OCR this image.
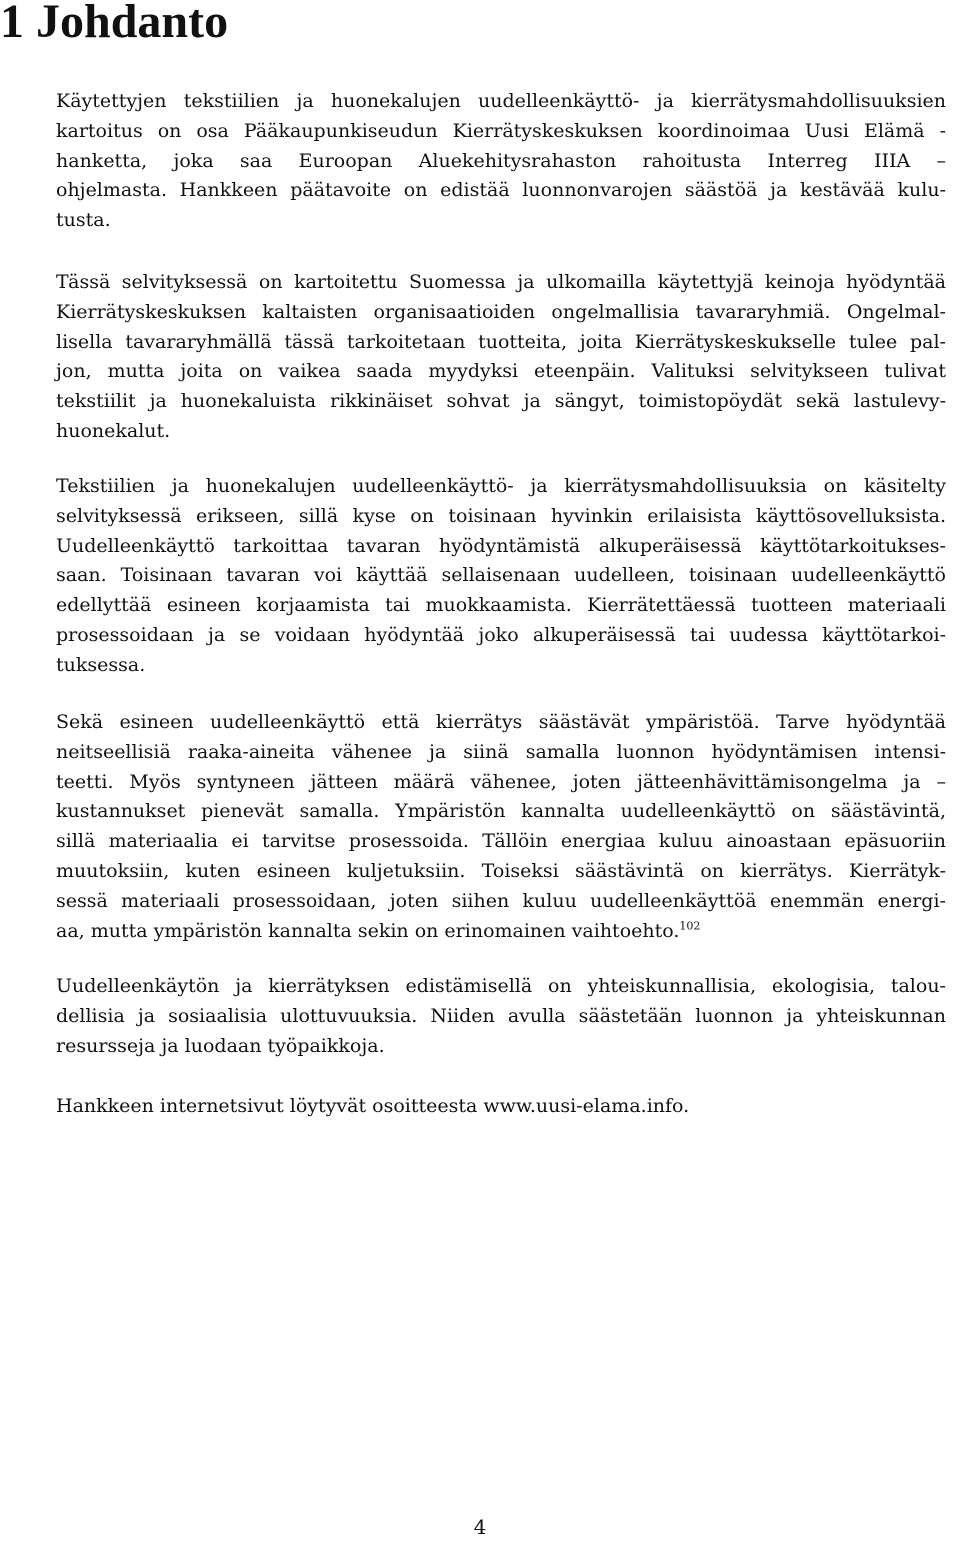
1 Johdanto

Käytettyjen tekstiilien ja huonekalujen uudelleenkäyttö- ja kierrätysmahdollisuuksien
kartoitus on osa Pääkaupunkiseudun Kierrätyskeskuksen koordinoimaa Uusi Elämä -
hanketta, joka saa Euroopan Aluekehitysrahaston rahoitusta Interreg IIIA –
ohjelmasta. Hankkeen päätavoite on edistää luonnonvarojen säästöä ja kestävää kulu-
tusta.

Tässä selvityksessä on kartoitettu Suomessa ja ulkomailla käytettyjä keinoja hyödyntää
Kierrätyskeskuksen kaltaisten organisaatioiden ongelmallisia tavararyhmiä. Ongelmal-
lisella tavararyhmällä tässä tarkoitetaan tuotteita, joita Kierrätyskeskukselle tulee pal-
jon, mutta joita on vaikea saada myydyksi eteenpäin. Valituksi selvitykseen tulivat
tekstiilit ja huonekaluista rikkinäiset sohvat ja sängyt, toimistopöydät sekä lastulevy-
huonekalut.

Tekstiilien ja huonekalujen uudelleenkäyttö- ja kierrätysmahdollisuuksia on käsitelty
selvityksessä erikseen, sillä kyse on toisinaan hyvinkin erilaisista käyttösovelluksista.
Uudelleenkäyttö tarkoittaa tavaran hyödyntämistä alkuperäisessä käyttötarkoitukses-
saan. Toisinaan tavaran voi käyttää sellaisenaan uudelleen, toisinaan uudelleenkäyttö
edellyttää esineen korjaamista tai muokkaamista. Kierrätettäessä tuotteen materiaali
prosessoidaan ja se voidaan hyödyntää joko alkuperäisessä tai uudessa käyttötarkoi-
tuksessa.

Sekä esineen uudelleenkäyttö että kierrätys säästävät ympäristöä. Tarve hyödyntää
neitseellisiä raaka-aineita vähenee ja siinä samalla luonnon hyödyntämisen intensi-
teetti. Myös syntyneen jätteen määrä vähenee, joten jätteenhävittämisongelma ja –
kustannukset pienevät samalla. Ympäristön kannalta uudelleenkäyttö on säästävintä,
sillä materiaalia ei tarvitse prosessoida. Tällöin energiaa kuluu ainoastaan epäsuoriin
muutoksiin, kuten esineen kuljetuksiin. Toiseksi säästävintä on kierrätys. Kierrätyk-
sessä materiaali prosessoidaan, joten siihen kuluu uudelleenkäyttöä enemmän energi-
aa, mutta ympäristön kannalta sekin on erinomainen vaihtoehto.$^{102}$

Uudelleenkäytön ja kierrätyksen edistämisellä on yhteiskunnallisia, ekologisia, talou-
dellisia ja sosiaalisia ulottuvuuksia. Niiden avulla säästetään luonnon ja yhteiskunnan
resursseja ja luodaan työpaikkoja.

Hankkeen internetsivut löytyvät osoitteesta www.uusi-elama.info.

4
